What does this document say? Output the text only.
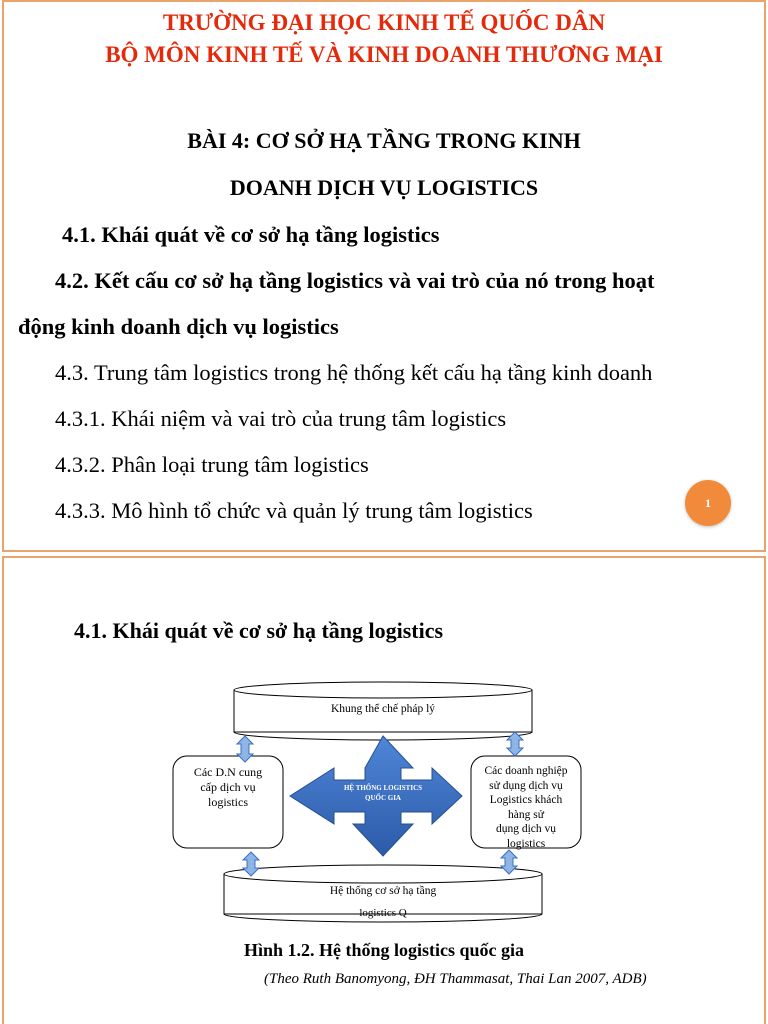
TRƯỜNG ĐẠI HỌC KINH TẾ QUỐC DÂN
BỘ MÔN KINH TẾ VÀ KINH DOANH THƯƠNG MẠI
BÀI 4: CƠ SỞ HẠ TẦNG TRONG KINH
DOANH DỊCH VỤ LOGISTICS
4.1. Khái quát về cơ sở hạ tầng logistics
4.2. Kết cấu cơ sở hạ tầng logistics và vai trò của nó trong hoạt
động kinh doanh dịch vụ logistics
4.3. Trung tâm logistics trong hệ thống kết cấu hạ tầng kinh doanh
4.3.1. Khái niệm và vai trò của trung tâm logistics
4.3.2. Phân loại trung tâm logistics
4.3.3. Mô hình tổ chức và quản lý trung tâm logistics	1
4.1. Khái quát về cơ sở hạ tầng logistics
Khung thể chế pháp lý
Các D.N cung
cấp dịch vụ
logistics
HỆ THỐNG LOGISTICS
QUỐC GIA
Các doanh nghiệp
sử dụng dịch vụ
Logistics khách
hàng sử
dụng dịch vụ
logistics
Hệ thống cơ sở hạ tầng
logistics Q
Hình 1.2. Hệ thống logistics quốc gia
(Theo Ruth Banomyong, ĐH Thammasat, Thai Lan 2007, ADB)
